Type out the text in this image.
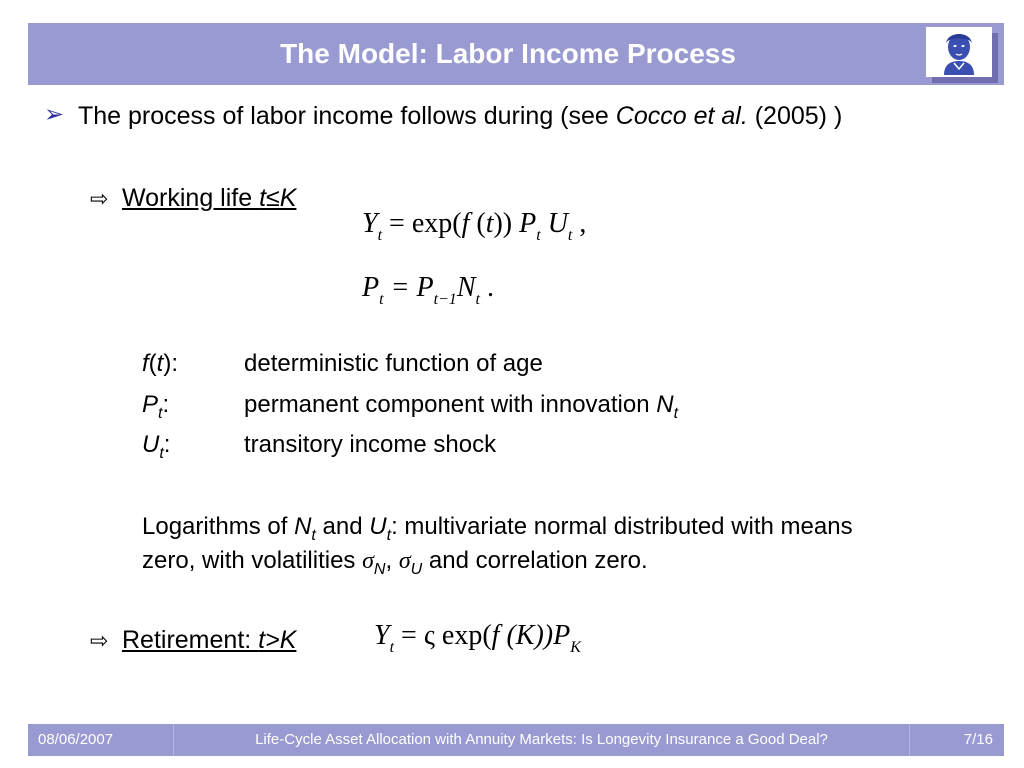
The Model: Labor Income Process
➢ The process of labor income follows during (see Cocco et al. (2005) )
⇨ Working life t≤K
$Y_t = \exp(f$ (t)) $P_t$ $U_t$ ,
$P_t = P_{t-1}N_t$ .
f(t):	deterministic function of age
$P_t$:	permanent component with innovation $N_t$
$U_t$:	transitory income shock
Logarithms of $N_t$ and $U_t$: multivariate normal distributed with means
zero, with volatilities $\sigma_N$, $\sigma_U$ and correlation zero.
⇨ Retirement: t>K	$Y_t = \varsigma$ exp(f $(K))P_K$
08/06/2007	Life-Cycle Asset Allocation with Annuity Markets: Is Longevity Insurance a Good Deal?	7/16
